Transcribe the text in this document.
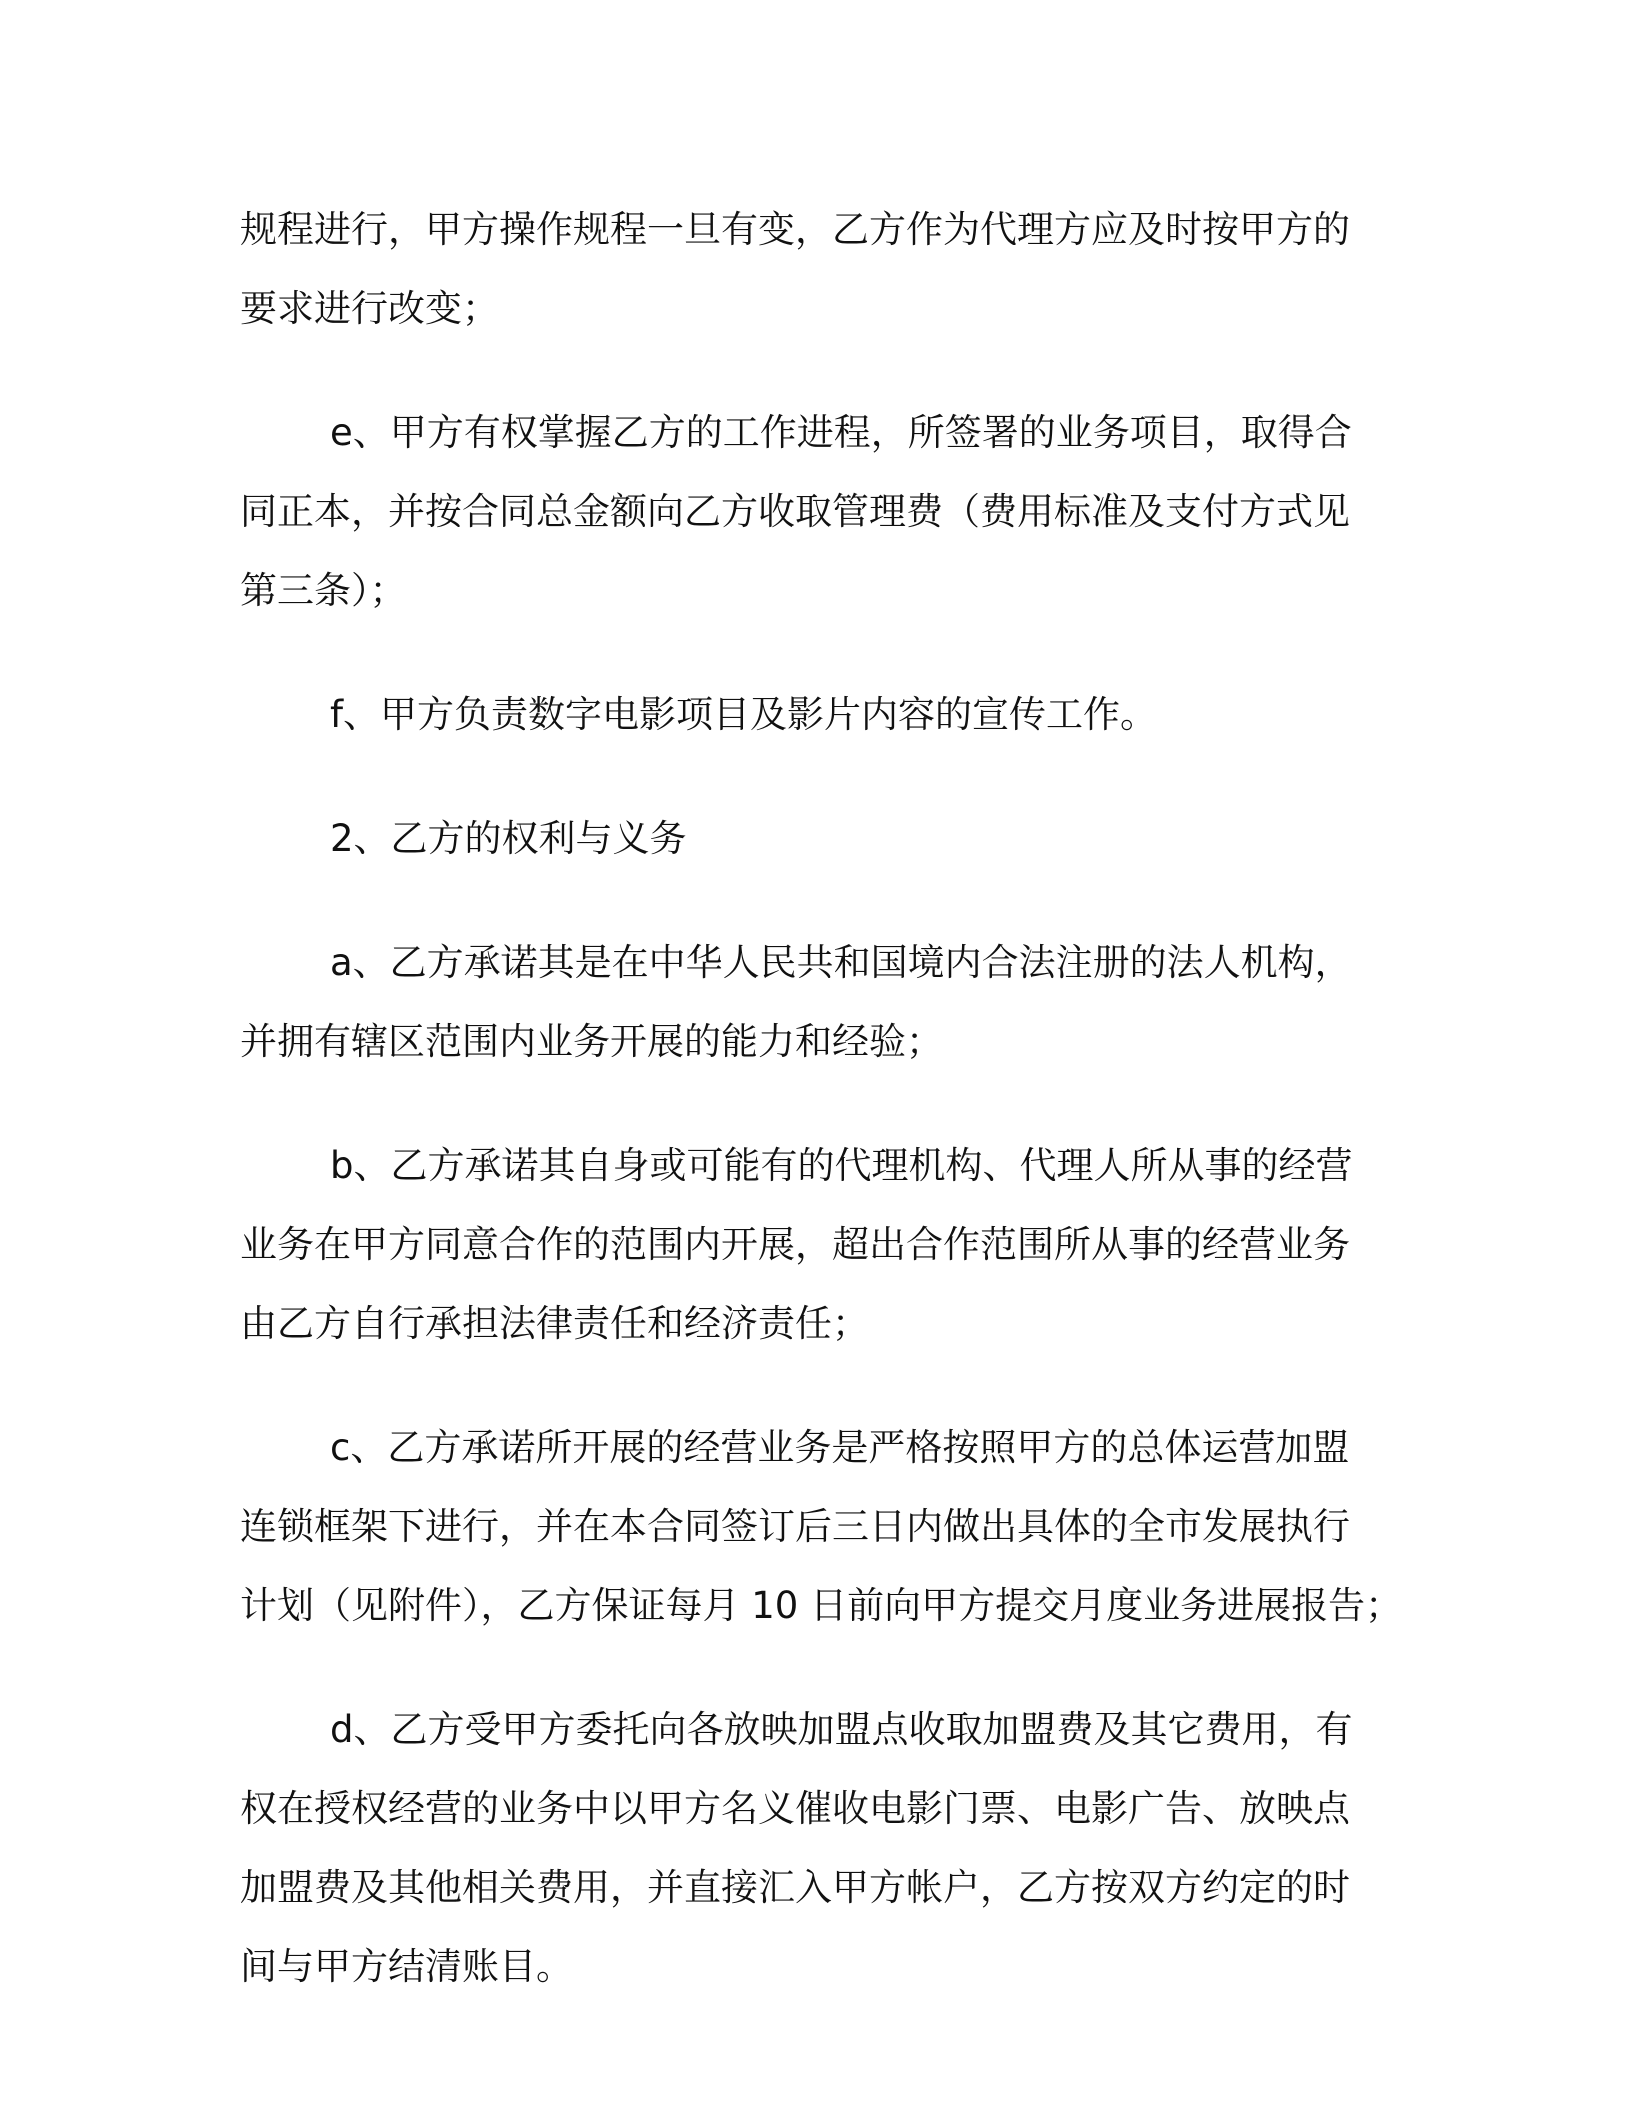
规程进行，甲方操作规程一旦有变，乙方作为代理方应及时按甲方的
要求进行改变；
e、甲方有权掌握乙方的工作进程，所签署的业务项目，取得合
同正本，并按合同总金额向乙方收取管理费（费用标准及支付方式见
第三条）；
f、甲方负责数字电影项目及影片内容的宣传工作。
2、乙方的权利与义务
a、乙方承诺其是在中华人民共和国境内合法注册的法人机构，
并拥有辖区范围内业务开展的能力和经验；
b、乙方承诺其自身或可能有的代理机构、代理人所从事的经营
业务在甲方同意合作的范围内开展，超出合作范围所从事的经营业务
由乙方自行承担法律责任和经济责任；
c、乙方承诺所开展的经营业务是严格按照甲方的总体运营加盟
连锁框架下进行，并在本合同签订后三日内做出具体的全市发展执行
计划（见附件），乙方保证每月 10 日前向甲方提交月度业务进展报告；
d、乙方受甲方委托向各放映加盟点收取加盟费及其它费用，有
权在授权经营的业务中以甲方名义催收电影门票、电影广告、放映点
加盟费及其他相关费用，并直接汇入甲方帐户，乙方按双方约定的时
间与甲方结清账目。
